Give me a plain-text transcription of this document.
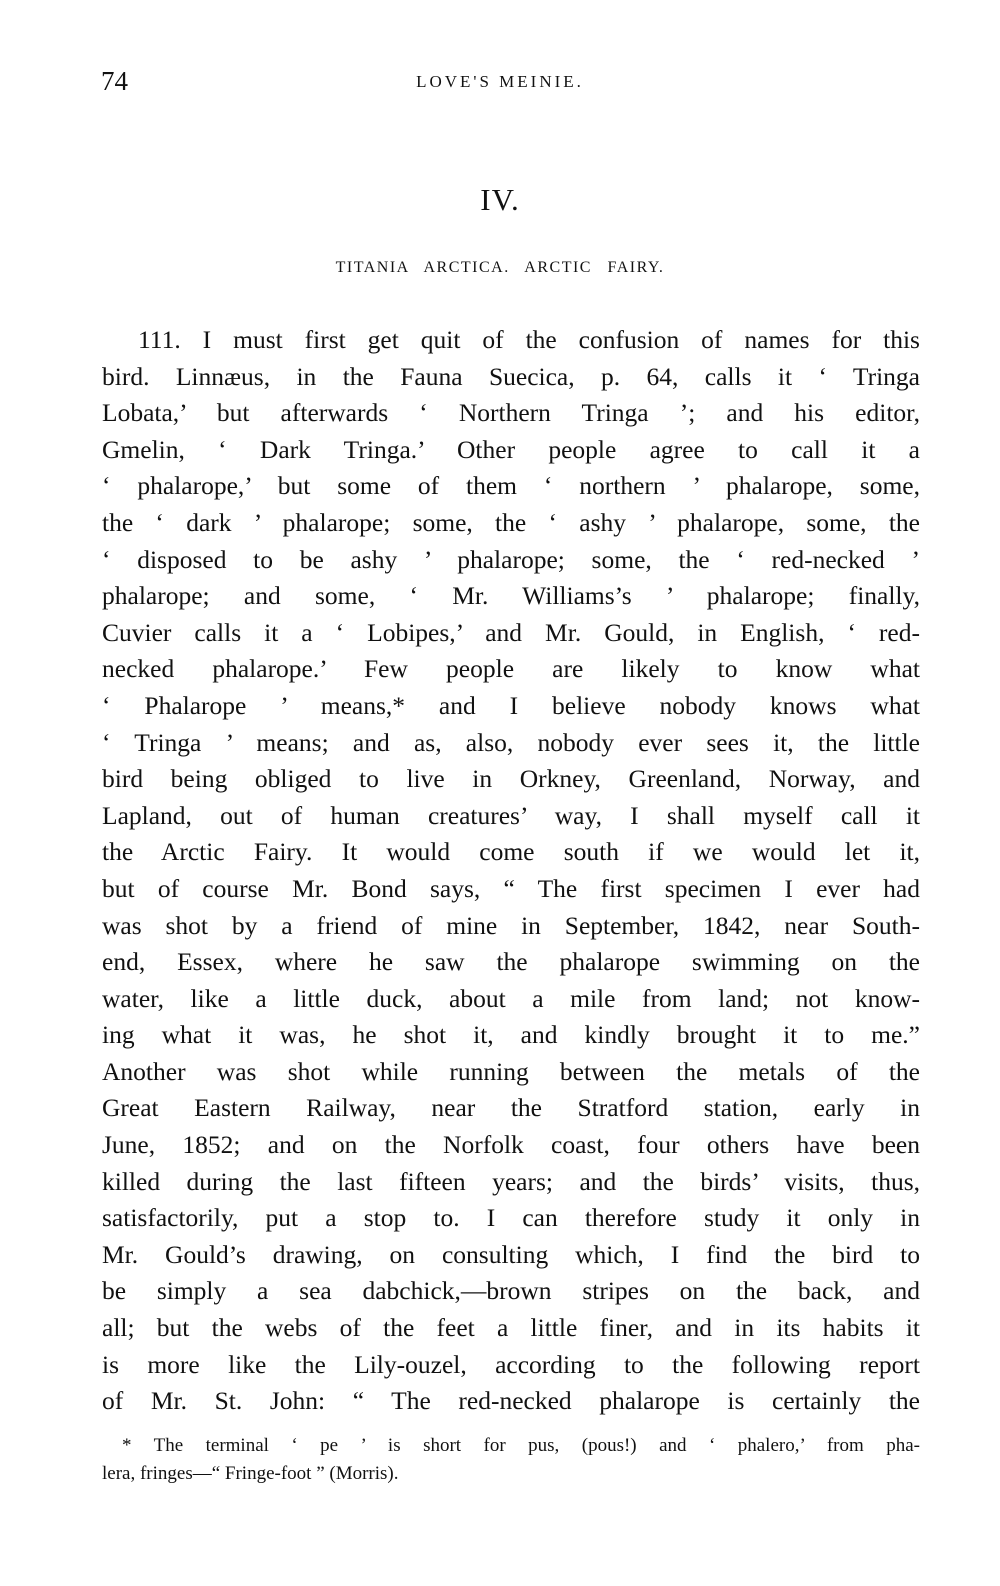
74	LOVE'S MEINIE.
IV.
TITANIA ARCTICA. ARCTIC FAIRY.
111. I must first get quit of the confusion of names for this
bird. Linnæus, in the Fauna Suecica, p. 64, calls it ‘ Tringa
Lobata,’ but afterwards ‘ Northern Tringa ’; and his editor,
Gmelin, ‘ Dark Tringa.’ Other people agree to call it a
‘ phalarope,’ but some of them ‘ northern ’ phalarope, some,
the ‘ dark ’ phalarope; some, the ‘ ashy ’ phalarope, some, the
‘ disposed to be ashy ’ phalarope; some, the ‘ red-necked ’
phalarope; and some, ‘ Mr. Williams’s ’ phalarope; finally,
Cuvier calls it a ‘ Lobipes,’ and Mr. Gould, in English, ‘ red-
necked phalarope.’ Few people are likely to know what
‘ Phalarope ’ means,* and I believe nobody knows what
‘ Tringa ’ means; and as, also, nobody ever sees it, the little
bird being obliged to live in Orkney, Greenland, Norway, and
Lapland, out of human creatures’ way, I shall myself call it
the Arctic Fairy. It would come south if we would let it,
but of course Mr. Bond says, “ The first specimen I ever had
was shot by a friend of mine in September, 1842, near South-
end, Essex, where he saw the phalarope swimming on the
water, like a little duck, about a mile from land; not know-
ing what it was, he shot it, and kindly brought it to me.”
Another was shot while running between the metals of the
Great Eastern Railway, near the Stratford station, early in
June, 1852; and on the Norfolk coast, four others have been
killed during the last fifteen years; and the birds’ visits, thus,
satisfactorily, put a stop to. I can therefore study it only in
Mr. Gould’s drawing, on consulting which, I find the bird to
be simply a sea dabchick,—brown stripes on the back, and
all; but the webs of the feet a little finer, and in its habits it
is more like the Lily-ouzel, according to the following report
of Mr. St. John: “ The red-necked phalarope is certainly the
* The terminal ‘ pe ’ is short for pus, (pous!) and ‘ phalero,’ from pha-
lera, fringes—“ Fringe-foot ” (Morris).
